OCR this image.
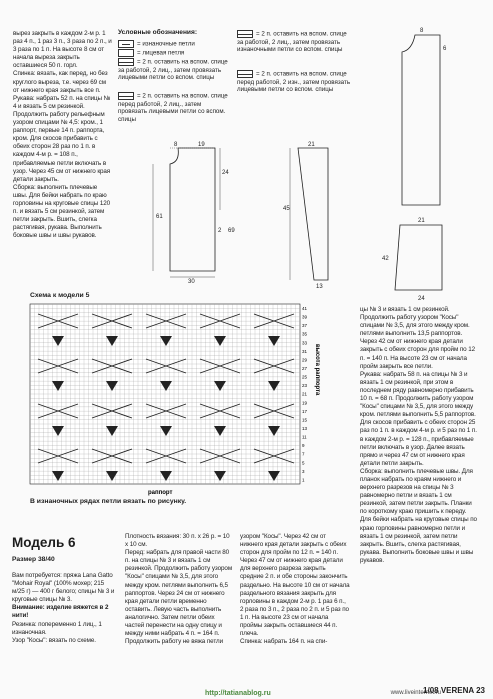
вырез закрыть в каждом 2-м р. 1 раз 4 п., 1 раз 3 п., 3 раза по 2 п., и 3 раза по 1 п. На высоте 8 см от начала выреза закрыть оставшиеся 50 п. горл.

Спинка: вязать, как перед, но без круглого выреза, т.е. через 69 см от нижнего края закрыть все п.

Рукава: набрать 52 п. на спицы № 4 и вязать 5 см резинкой. Продолжить работу рельефным узором спицами № 4,5: кром., 1 раппорт, первые 14 п. раппорта, кром. Для скосов прибавить с обеих сторон 28 раз по 1 п. в каждом 4-м р. = 108 п., прибавляемые петли включать в узор. Через 45 см от нижнего края детали закрыть.

Сборка: выполнить плечевые швы. Для бейки набрать по краю горловины на круговые спицы 120 п. и вязать 5 см резинкой, затем петли закрыть. Вшить, слегка растягивая, рукава. Выполнить боковые швы и швы рукавов.

Условные обозначения:
= изнаночные петли
= лицевая петля
= 2 п. оставить на вспом. спице за работой, 2 лиц., затем провязать лицевыми петли со вспом. спицы
= 2 п. оставить на вспом. спице перед работой, 2 лиц., затем провязать лицевыми петли со вспом. спицы
= 2 п. оставить на вспом. спице за работой, 2 лиц., затем провязать изнаночными петли со вспом. спицы
= 2 п. оставить на вспом. спице перед работой, 2 изн., затем провязать лицевыми петли со вспом. спицы
8	19
24
61
2 69
30
21
45
13
8
6
21
42
24
Схема к модели 5
41
39
37
35
33
31
29
27
25
23
21
19
17
15
13
11
9
7
5
3
1
высота раппорта
раппорт
В изнаночных рядах петли вязать по рисунку.

цы № 3 и вязать 1 см резинкой. Продолжить работу узором "Косы" спицами № 3,5, для этого между кром. петлями выполнить 13,5 раппортов. Через 42 см от нижнего края детали закрыть с обеих сторон для пройм по 12 п. = 140 п. На высоте 23 см от начала пройм закрыть все петли.

Рукава: набрать 58 п. на спицы № 3 и вязать 1 см резинкой, при этом в последнем ряду равномерно прибавить 10 п. = 68 п. Продолжить работу узором "Косы" спицами № 3,5, для этого между кром. петлями выполнить 5,5 раппортов. Для скосов прибавить с обеих сторон 25 раз по 1 п. в каждом 4-м р. и 5 раз по 1 п. в каждом 2-м р. = 128 п., прибавляемые петли включать в узор. Далее вязать прямо и через 47 см от нижнего края детали петли закрыть.

Сборка: выполнить плечевые швы. Для планок набрать по краям нижнего и верхнего разрезов на спицы № 3 равномерно петли и вязать 1 см резинкой, затем петли закрыть. Планки по короткому краю пришить к переду. Для бейки набрать на круговые спицы по краю горловины равномерно петли и вязать 1 см резинкой, затем петли закрыть. Вшить, слегка растягивая, рукава. Выполнить боковые швы и швы рукавов.

Модель 6
Размер 38/40

Вам потребуется: пряжа Lana Gatto "Mohair Royal" (100% мохер; 215 м/25 г) — 400 г белого; спицы № 3 и круговые спицы № 3.

Внимание: изделие вяжется в 2 нити!

Резинка: попеременно 1 лиц., 1 изнаночная.

Узор "Косы": вязать по схеме.

Плотность вязания: 30 п. x 26 р. = 10 x 10 см.

Перед: набрать для правой части 80 п. на спицы № 3 и вязать 1 см резинкой. Продолжить работу узором "Косы" спицами № 3,5, для этого между кром. петлями выполнить 6,5 раппортов. Через 24 см от нижнего края детали петли временно оставить. Левую часть выполнить аналогично. Затем петли обеих частей перенести на одну спицу и между ними набрать 4 п. = 164 п. Продолжить работу не вяжа петли

узором "Косы". Через 42 см от нижнего края детали закрыть с обеих сторон для пройм по 12 п. = 140 п. Через 47 см от нижнего края детали для верхнего разреза закрыть средние 2 п. и обе стороны закончить раздельно. На высоте 10 см от начала раздельного вязания закрыть для горловины в каждом 2-м р. 1 раз 6 п., 2 раза по 3 п., 2 раза по 2 п. и 5 раз по 1 п. На высоте 23 см от начала проймы закрыть оставшиеся 44 п. плеча.

Спинка: набрать 164 п. на спи-

http://tatianablog.ru	www.liveinternet.ru
1/08 VERENA 23
